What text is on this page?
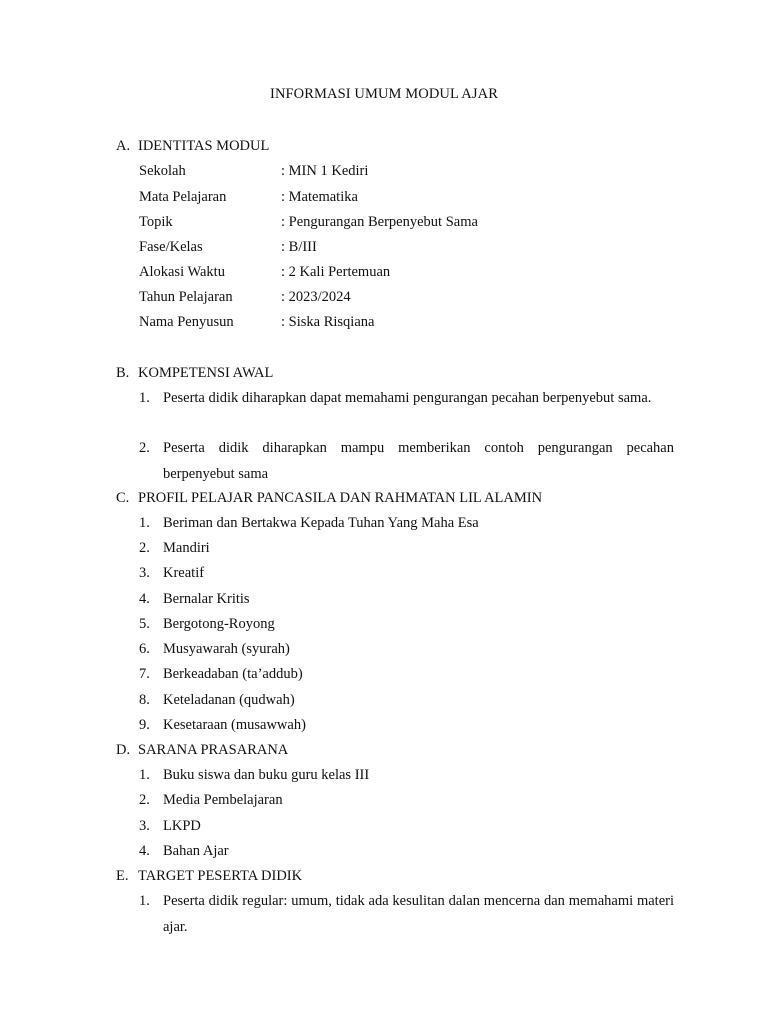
INFORMASI UMUM MODUL AJAR
A. IDENTITAS MODUL
Sekolah	: MIN 1 Kediri
Mata Pelajaran	: Matematika
Topik	: Pengurangan Berpenyebut Sama
Fase/Kelas	: B/III
Alokasi Waktu	: 2 Kali Pertemuan
Tahun Pelajaran	: 2023/2024
Nama Penyusun	: Siska Risqiana
B. KOMPETENSI AWAL
1. Peserta didik diharapkan dapat memahami pengurangan pecahan berpenyebut sama.
2. Peserta didik diharapkan mampu memberikan contoh pengurangan pecahan berpenyebut sama
C. PROFIL PELAJAR PANCASILA DAN RAHMATAN LIL ALAMIN
1. Beriman dan Bertakwa Kepada Tuhan Yang Maha Esa
2. Mandiri
3. Kreatif
4. Bernalar Kritis
5. Bergotong-Royong
6. Musyawarah (syurah)
7. Berkeadaban (ta’addub)
8. Keteladanan (qudwah)
9. Kesetaraan (musawwah)
D. SARANA PRASARANA
1. Buku siswa dan buku guru kelas III
2. Media Pembelajaran
3. LKPD
4. Bahan Ajar
E. TARGET PESERTA DIDIK
1. Peserta didik regular: umum, tidak ada kesulitan dalan mencerna dan memahami materi ajar.
